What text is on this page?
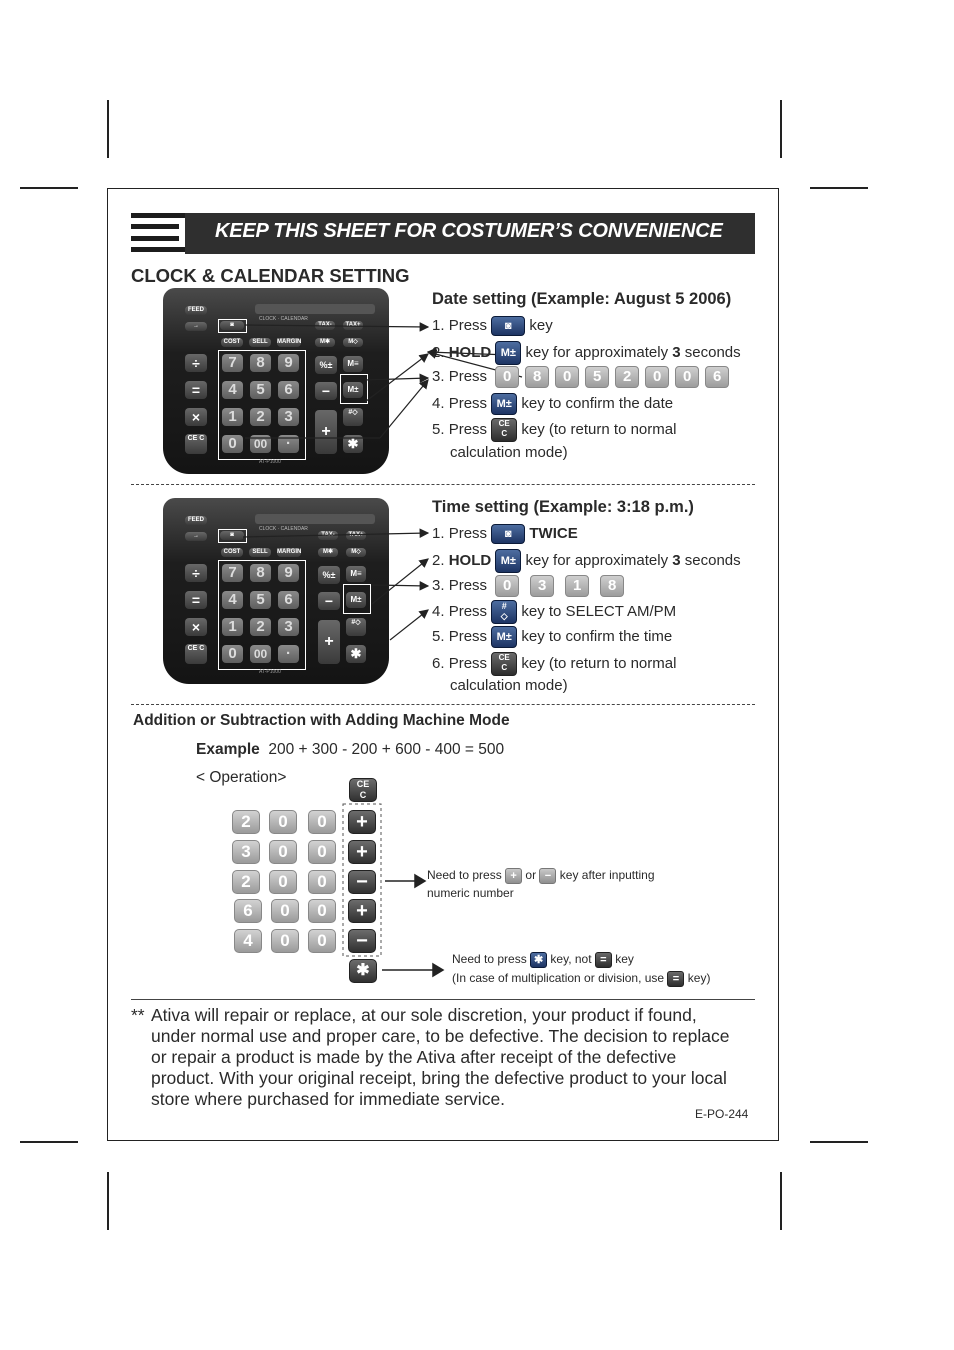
KEEP THIS SHEET FOR COSTUMER’S CONVENIENCE
CLOCK & CALENDAR SETTING
FEED
→	◙
CLOCK · CALENDAR
TAX-	TAX+
COST	SELL	MARGIN	M✱	M◇
÷
=
×
CE C
7	8	9
4	5	6
1	2	3
0	00	·
%±	M≡
−	M±
+
#◇
✱
AT-P1000
FEED
→	◙
CLOCK · CALENDAR
TAX-	TAX+
COST	SELL	MARGIN	M✱	M◇
÷
=
×
CE C
7	8	9
4	5	6
1	2	3
0	00	·
%±	M≡
−	M±
+
#◇
✱
AT-P1000
Date setting (Example: August 5 2006)
1. Press ◙ key
2. HOLD M± key for approximately 3 seconds
3. Press 0 8 0 5 2 0 0 6
4. Press M± key to confirm the date
5. Press CE
C key (to return to normal
calculation mode)
Time setting (Example: 3:18 p.m.)
1. Press ◙ TWICE
2. HOLD M± key for approximately 3 seconds
3. Press 0 3 1 8
4. Press #
◇ key to SELECT AM/PM
5. Press M± key to confirm the time
6. Press CE
C key (to return to normal
calculation mode)
Addition or Subtraction with Adding Machine Mode
Example 200 + 300 - 200 + 600 - 400 = 500
< Operation>	CE
C
2	0	0	+
3	0	0	+
2	0	0	−
6	0	0	+
4	0	0	−
✱
Need to press + or − key after inputting
numeric number
Need to press ✱ key, not = key
(In case of multiplication or division, use = key)
** Ativa will repair or replace, at our sole discretion, your product if found,
under normal use and proper care, to be defective. The decision to replace
or repair a product is made by the Ativa after receipt of the defective
product. With your original receipt, bring the defective product to your local
store where purchased for immediate service.
E-PO-244
